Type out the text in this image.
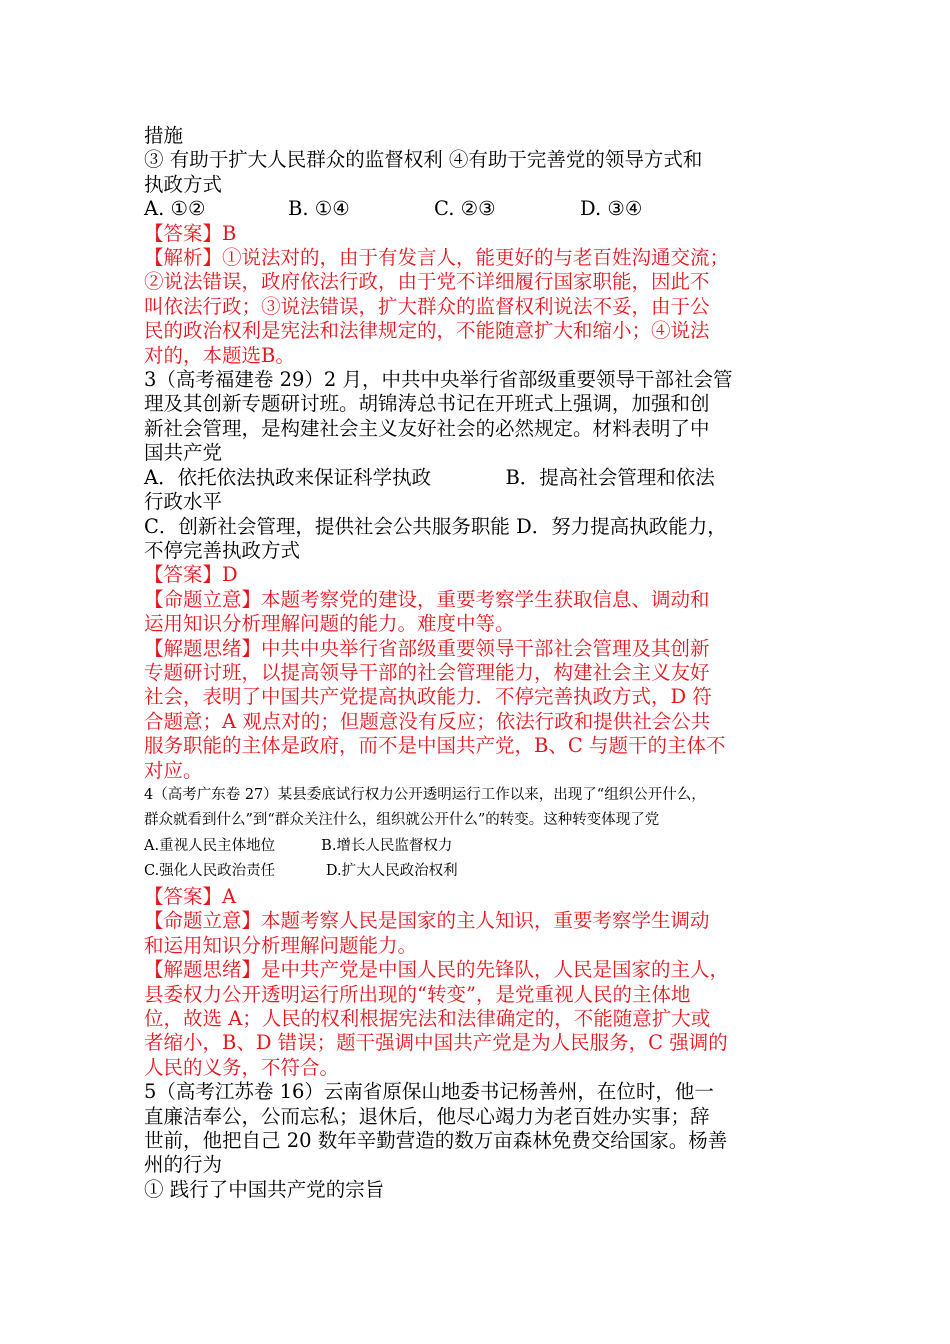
措施
③ 有助于扩大人民群众的监督权利 ④有助于完善党的领导方式和
执政方式
A. ①②	B. ①④	C. ②③	D. ③④
【答案】B
【解析】①说法对的，由于有发言人，能更好的与老百姓沟通交流；
②说法错误，政府依法行政，由于党不详细履行国家职能，因此不
叫依法行政；③说法错误，扩大群众的监督权利说法不妥，由于公
民的政治权利是宪法和法律规定的，不能随意扩大和缩小；④说法
对的，本题选B。
3（高考福建卷 29）2 月，中共中央举行省部级重要领导干部社会管
理及其创新专题研讨班。胡锦涛总书记在开班式上强调，加强和创
新社会管理，是构建社会主义友好社会的必然规定。材料表明了中
国共产党
A．依托依法执政来保证科学执政            B．提高社会管理和依法
行政水平
C．创新社会管理，提供社会公共服务职能 D．努力提高执政能力，
不停完善执政方式
【答案】D
【命题立意】本题考察党的建设，重要考察学生获取信息、调动和
运用知识分析理解问题的能力。难度中等。
【解题思绪】中共中央举行省部级重要领导干部社会管理及其创新
专题研讨班，以提高领导干部的社会管理能力，构建社会主义友好
社会，表明了中国共产党提高执政能力．不停完善执政方式，D 符
合题意；A 观点对的；但题意没有反应；依法行政和提供社会公共
服务职能的主体是政府，而不是中国共产党，B、C 与题干的主体不
对应。
4（高考广东卷 27）某县委底试行权力公开透明运行工作以来，出现了“组织公开什么，
群众就看到什么”到“群众关注什么，组织就公开什么”的转变。这种转变体现了党
A.重视人民主体地位          B.增长人民监督权力
C.强化人民政治责任           D.扩大人民政治权利
【答案】A
【命题立意】本题考察人民是国家的主人知识，重要考察学生调动
和运用知识分析理解问题能力。
【解题思绪】是中共产党是中国人民的先锋队，人民是国家的主人，
县委权力公开透明运行所出现的“转变”，是党重视人民的主体地
位，故选 A；人民的权利根据宪法和法律确定的，不能随意扩大或
者缩小，B、D 错误；题干强调中国共产党是为人民服务，C 强调的
人民的义务，不符合。
5（高考江苏卷 16）云南省原保山地委书记杨善州，在位时，他一
直廉洁奉公，公而忘私；退休后，他尽心竭力为老百姓办实事；辞
世前，他把自己 20 数年辛勤营造的数万亩森林免费交给国家。杨善
州的行为
① 践行了中国共产党的宗旨
